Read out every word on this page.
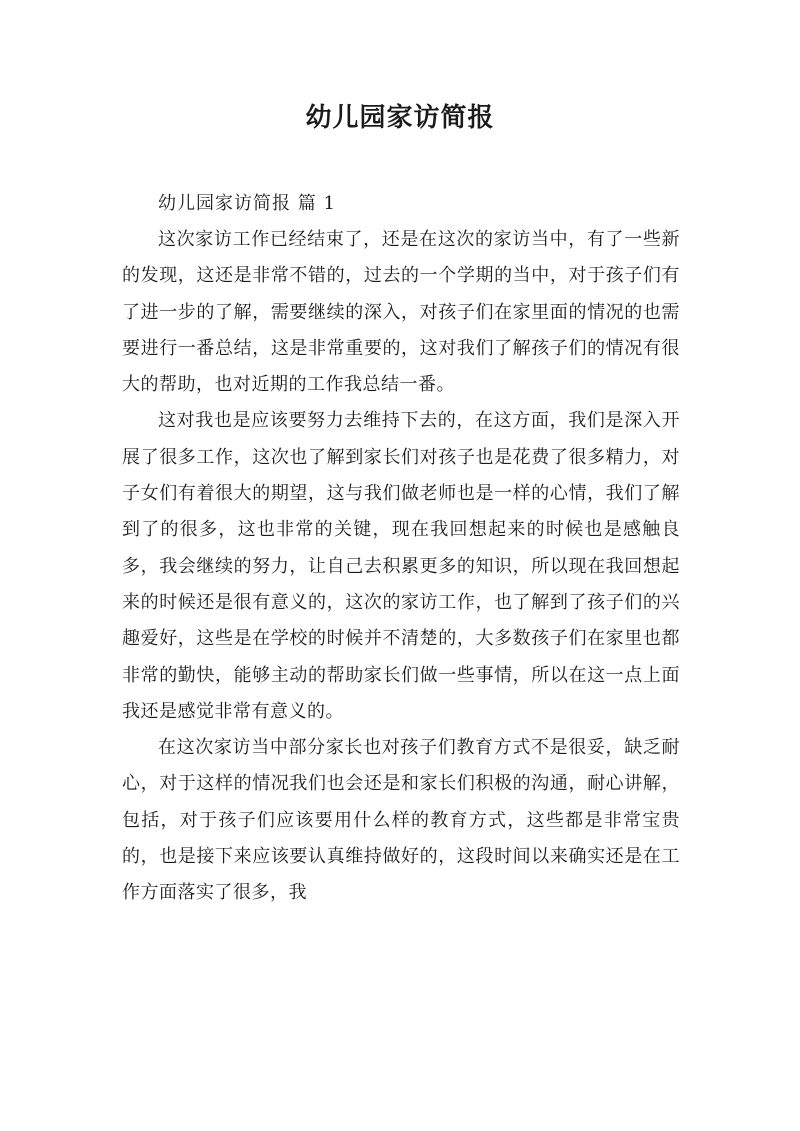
幼儿园家访简报

幼儿园家访简报 篇 1

这次家访工作已经结束了，还是在这次的家访当中，有了一些新的发现，这还是非常不错的，过去的一个学期的当中，对于孩子们有了进一步的了解，需要继续的深入，对孩子们在家里面的情况的也需要进行一番总结，这是非常重要的，这对我们了解孩子们的情况有很大的帮助，也对近期的工作我总结一番。

这对我也是应该要努力去维持下去的，在这方面，我们是深入开展了很多工作，这次也了解到家长们对孩子也是花费了很多精力，对子女们有着很大的期望，这与我们做老师也是一样的心情，我们了解到了的很多，这也非常的关键，现在我回想起来的时候也是感触良多，我会继续的努力，让自己去积累更多的知识，所以现在我回想起来的时候还是很有意义的，这次的家访工作，也了解到了孩子们的兴趣爱好，这些是在学校的时候并不清楚的，大多数孩子们在家里也都非常的勤快，能够主动的帮助家长们做一些事情，所以在这一点上面我还是感觉非常有意义的。

在这次家访当中部分家长也对孩子们教育方式不是很妥，缺乏耐心，对于这样的情况我们也会还是和家长们积极的沟通，耐心讲解，包括，对于孩子们应该要用什么样的教育方式，这些都是非常宝贵的，也是接下来应该要认真维持做好的，这段时间以来确实还是在工作方面落实了很多，我
